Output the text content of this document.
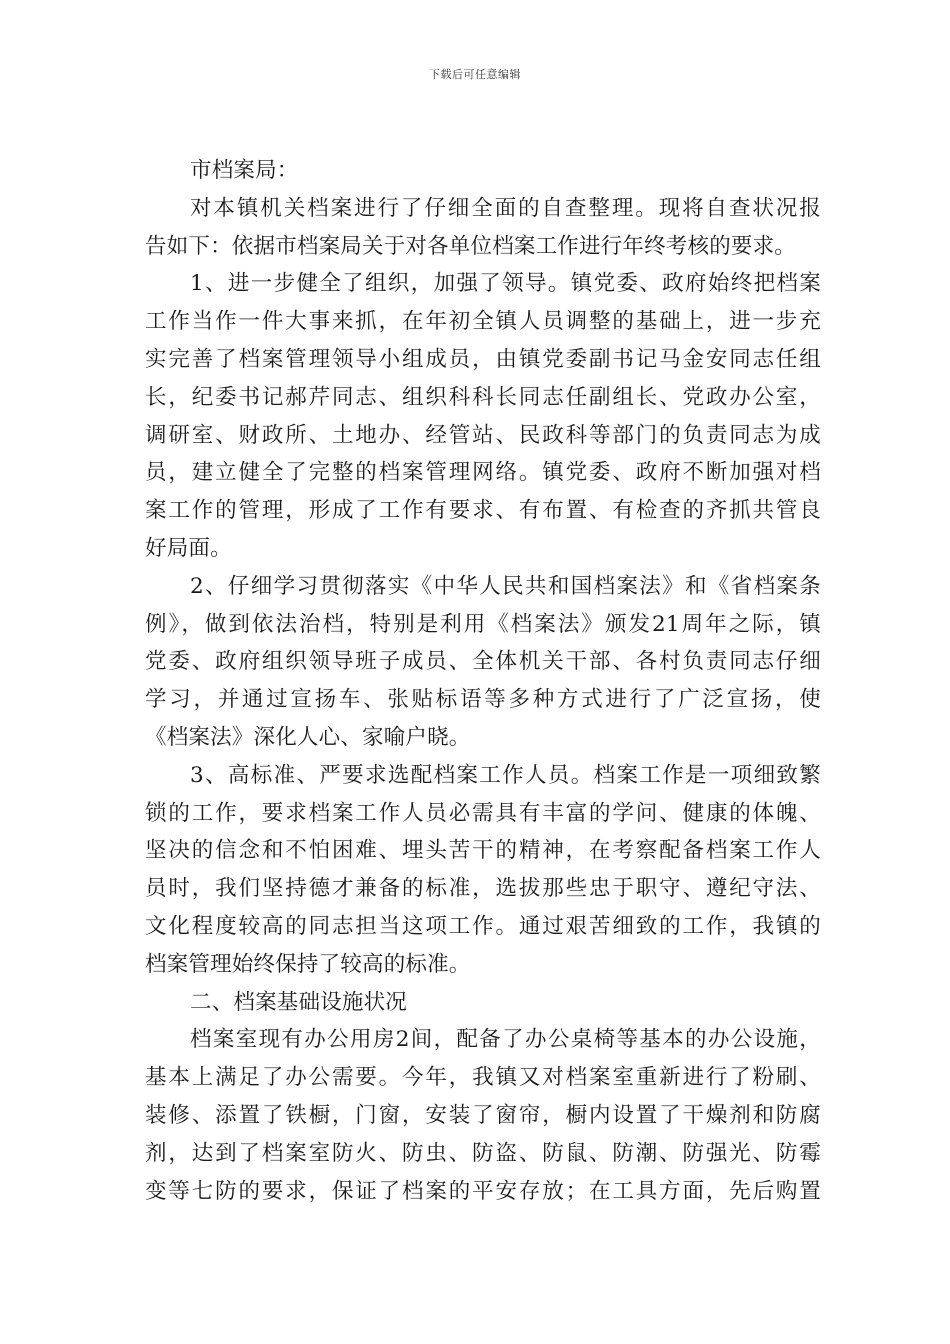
下载后可任意编辑
市档案局：
对本镇机关档案进行了仔细全面的自查整理。现将自查状况报
告如下：依据市档案局关于对各单位档案工作进行年终考核的要求。
1、进一步健全了组织，加强了领导。镇党委、政府始终把档案
工作当作一件大事来抓，在年初全镇人员调整的基础上，进一步充
实完善了档案管理领导小组成员，由镇党委副书记马金安同志任组
长，纪委书记郝芹同志、组织科科长同志任副组长、党政办公室，
调研室、财政所、土地办、经管站、民政科等部门的负责同志为成
员，建立健全了完整的档案管理网络。镇党委、政府不断加强对档
案工作的管理，形成了工作有要求、有布置、有检查的齐抓共管良
好局面。
2、仔细学习贯彻落实《中华人民共和国档案法》和《省档案条
例》，做到依法治档，特别是利用《档案法》颁发21周年之际，镇
党委、政府组织领导班子成员、全体机关干部、各村负责同志仔细
学习，并通过宣扬车、张贴标语等多种方式进行了广泛宣扬，使
《档案法》深化人心、家喻户晓。
3、高标准、严要求选配档案工作人员。档案工作是一项细致繁
锁的工作，要求档案工作人员必需具有丰富的学问、健康的体魄、
坚决的信念和不怕困难、埋头苦干的精神，在考察配备档案工作人
员时，我们坚持德才兼备的标准，选拔那些忠于职守、遵纪守法、
文化程度较高的同志担当这项工作。通过艰苦细致的工作，我镇的
档案管理始终保持了较高的标准。
二、档案基础设施状况
档案室现有办公用房2间，配备了办公桌椅等基本的办公设施，
基本上满足了办公需要。今年，我镇又对档案室重新进行了粉刷、
装修、添置了铁橱，门窗，安装了窗帘，橱内设置了干燥剂和防腐
剂，达到了档案室防火、防虫、防盗、防鼠、防潮、防强光、防霉
变等七防的要求，保证了档案的平安存放；在工具方面，先后购置
